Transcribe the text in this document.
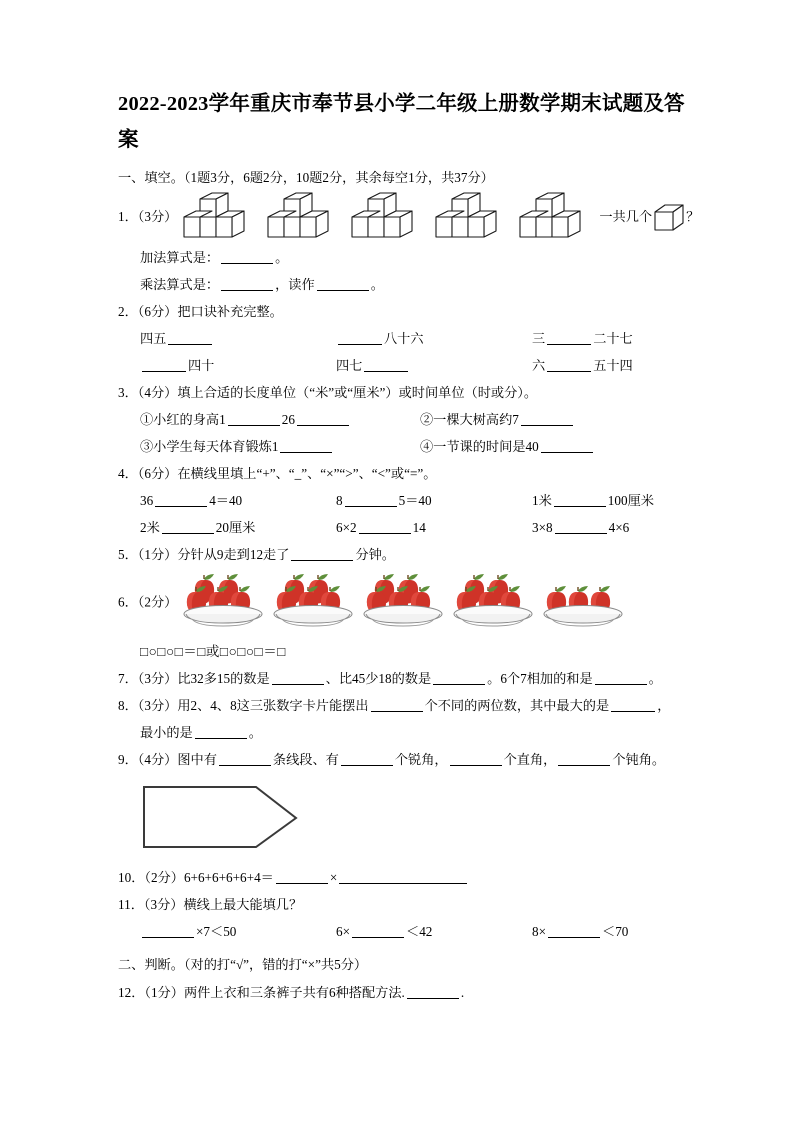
2022-2023学年重庆市奉节县小学二年级上册数学期末试题及答案
一、填空。（1题3分，6题2分，10题2分，其余每空1分，共37分）
1．（3分）	一共几个	？
加法算式是：	。
乘法算式是：	，读作	。
2．（6分）把口诀补充完整。
四五	八十六	三	二十七
四十	四七	六	五十四
3．（4分）填上合适的长度单位（“米”或“厘米”）或时间单位（时或分）。
①小红的身高1	26	②一棵大树高约7
③小学生每天体育锻炼1	④一节课的时间是40
4．（6分）在横线里填上“+”、“_”、“×”“>”、“<”或“=”。
36	4＝40	8	5＝40	1米	100厘米
2米	20厘米	6×2	14	3×8	4×6
5．（1分）分针从9走到12走了	分钟。
6．（2分）
□○□○□＝□或□○□○□＝□
7．（3分）比32多15的数是	、比45少18的数是	。6个7相加的和是	。
8．（3分）用2、4、8这三张数字卡片能摆出	个不同的两位数，其中最大的是	，
最小的是	。
9．（4分）图中有	条线段、有	个锐角，	个直角，	个钝角。
10．（2分）6+6+6+6+6+4＝	×
11．（3分）横线上最大能填几？
×7＜50	6×	＜42	8×	＜70
二、判断。（对的打“√”，错的打“×”共5分）
12．（1分）两件上衣和三条裤子共有6种搭配方法.	.
